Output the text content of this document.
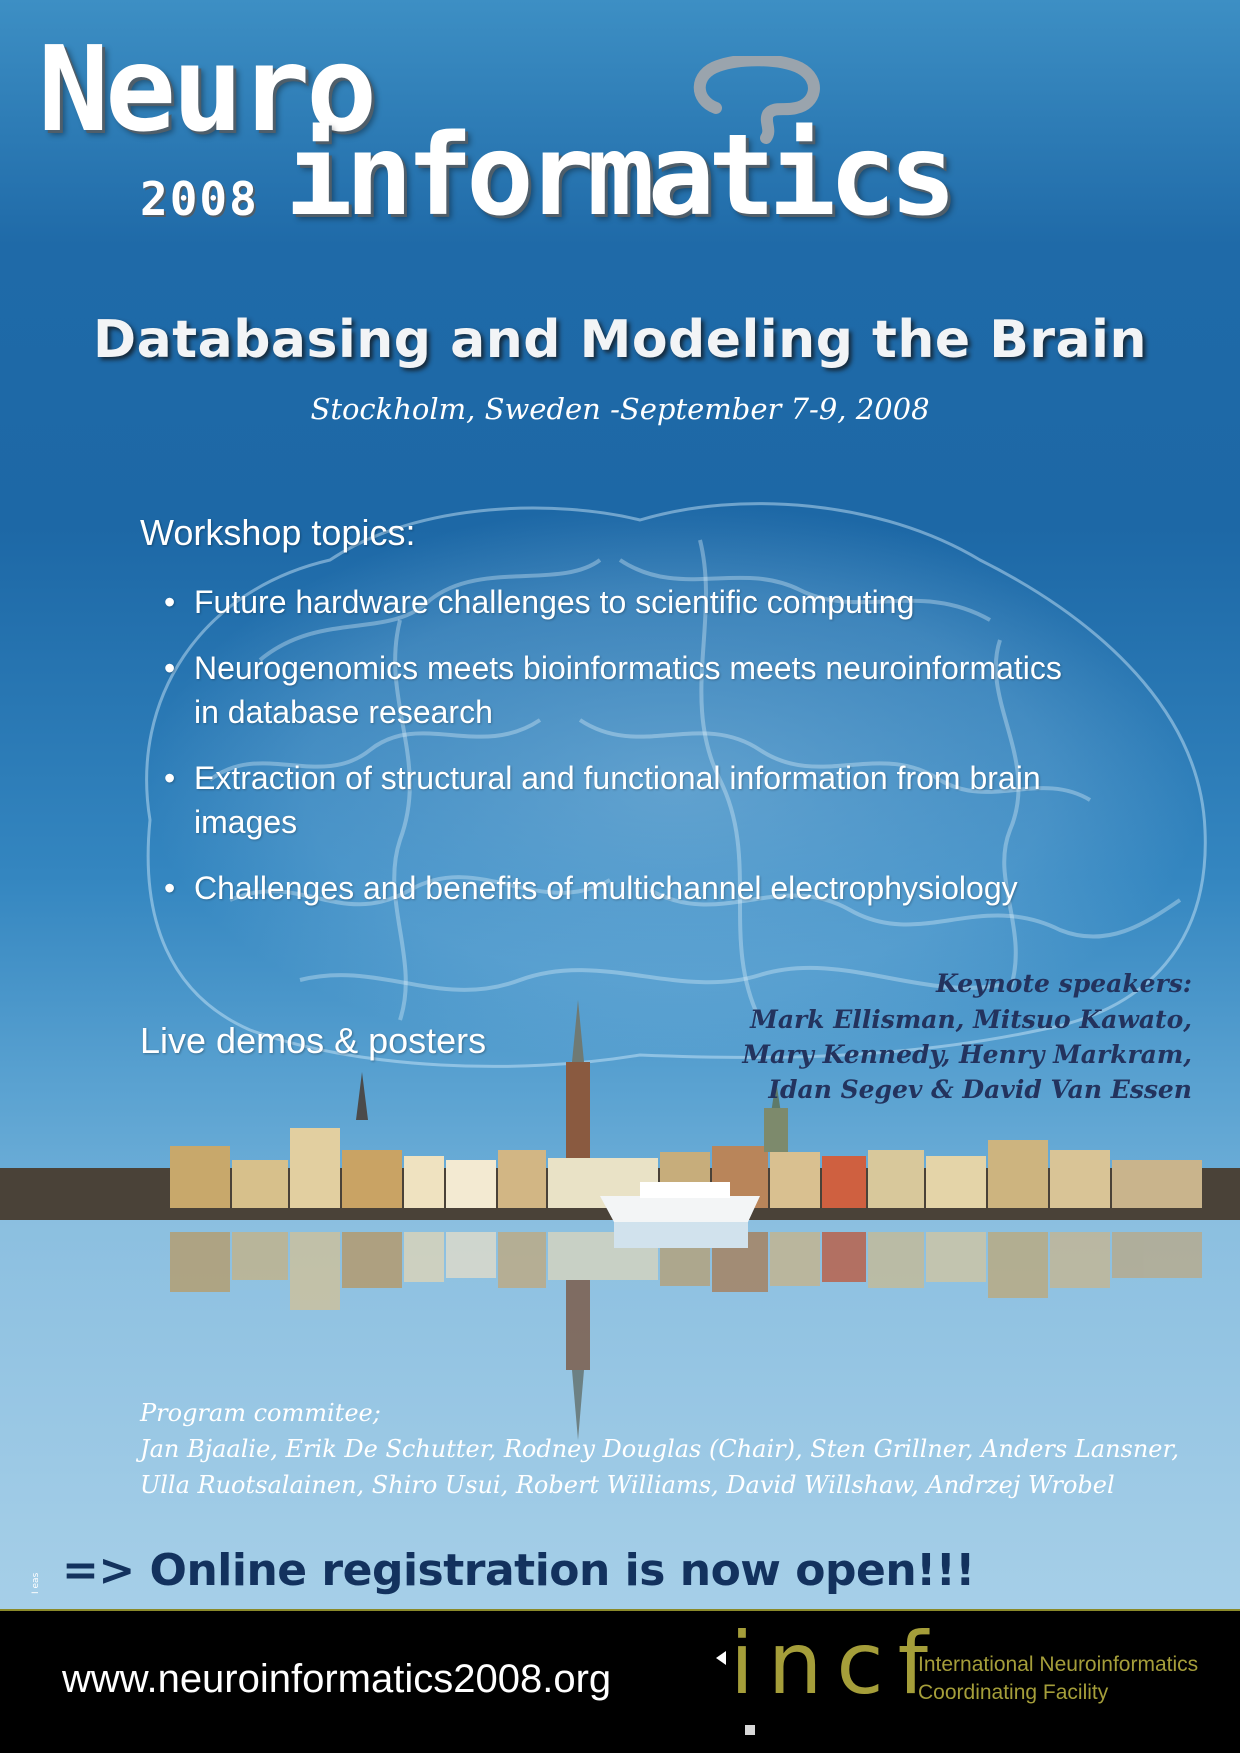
Neuro
2008 informatics
Databasing and Modeling the Brain
Stockholm, Sweden -September 7-9, 2008
Workshop topics:
• Future hardware challenges to scientific computing
• Neurogenomics meets bioinformatics meets neuroinformatics in database research
• Extraction of structural and functional information from brain images
• Challenges and benefits of multichannel electrophysiology
Live demos & posters
Keynote speakers:
Mark Ellisman, Mitsuo Kawato,
Mary Kennedy, Henry Markram,
Idan Segev & David Van Essen
Program commitee;
Jan Bjaalie, Erik De Schutter, Rodney Douglas (Chair), Sten Grillner, Anders Lansner,
Ulla Ruotsalainen, Shiro Usui, Robert Williams, David Willshaw, Andrzej Wrobel
I eas => Online registration is now open!!!
www.neuroinformatics2008.org incf
International Neuroinformatics
Coordinating Facility
